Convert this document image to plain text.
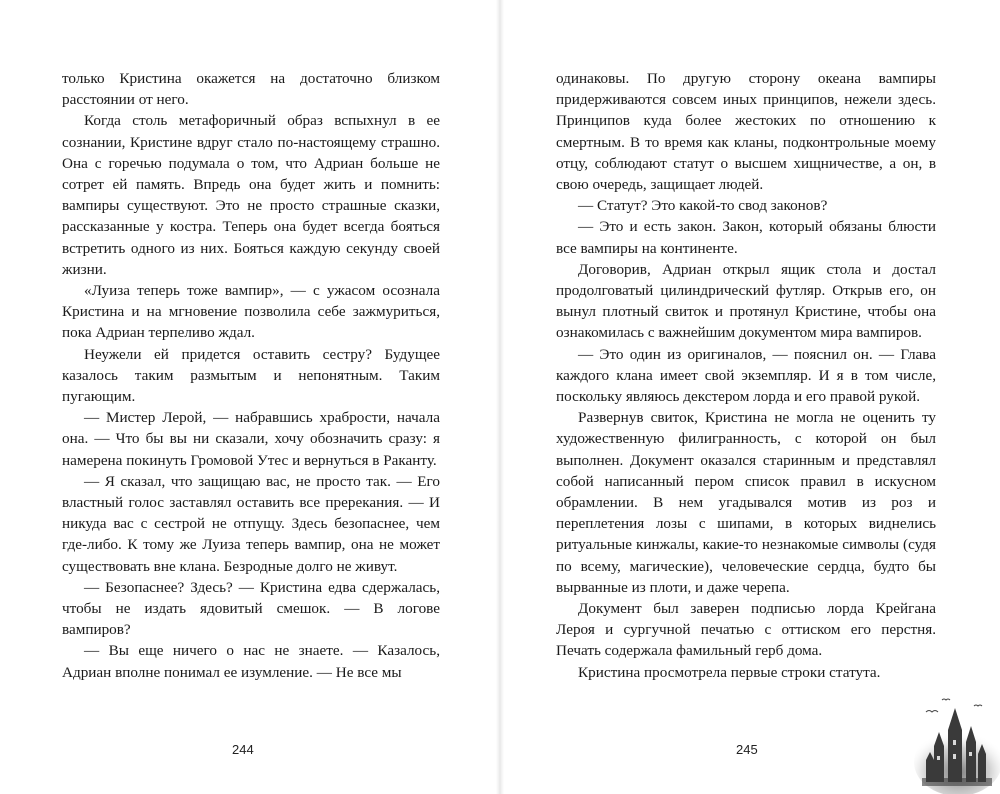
только Кристина окажется на достаточно близком расстоянии от него.

Когда столь метафоричный образ вспыхнул в ее сознании, Кристине вдруг стало по-настоящему страшно. Она с горечью подумала о том, что Адриан больше не сотрет ей память. Впредь она будет жить и помнить: вампиры существуют. Это не просто страшные сказки, рассказанные у костра. Теперь она будет всегда бояться встретить одного из них. Бояться каждую секунду своей жизни.

«Луиза теперь тоже вампир», — с ужасом осознала Кристина и на мгновение позволила себе зажмуриться, пока Адриан терпеливо ждал.

Неужели ей придется оставить сестру? Будущее казалось таким размытым и непонятным. Таким пугающим.

— Мистер Лерой, — набравшись храбрости, начала она. — Что бы вы ни сказали, хочу обозначить сразу: я намерена покинуть Громовой Утес и вернуться в Раканту.

— Я сказал, что защищаю вас, не просто так. — Его властный голос заставлял оставить все пререкания. — И никуда вас с сестрой не отпущу. Здесь безопаснее, чем где-либо. К тому же Луиза теперь вампир, она не может существовать вне клана. Безродные долго не живут.

— Безопаснее? Здесь? — Кристина едва сдержалась, чтобы не издать ядовитый смешок. — В логове вампиров?

— Вы еще ничего о нас не знаете. — Казалось, Адриан вполне понимал ее изумление. — Не все мы

244

одинаковы. По другую сторону океана вампиры придерживаются совсем иных принципов, нежели здесь. Принципов куда более жестоких по отношению к смертным. В то время как кланы, подконтрольные моему отцу, соблюдают статут о высшем хищничестве, а он, в свою очередь, защищает людей.

— Статут? Это какой-то свод законов?

— Это и есть закон. Закон, который обязаны блюсти все вампиры на континенте.

Договорив, Адриан открыл ящик стола и достал продолговатый цилиндрический футляр. Открыв его, он вынул плотный свиток и протянул Кристине, чтобы она ознакомилась с важнейшим документом мира вампиров.

— Это один из оригиналов, — пояснил он. — Глава каждого клана имеет свой экземпляр. И я в том числе, поскольку являюсь декстером лорда и его правой рукой.

Развернув свиток, Кристина не могла не оценить ту художественную филигранность, с которой он был выполнен. Документ оказался старинным и представлял собой написанный пером список правил в искусном обрамлении. В нем угадывался мотив из роз и переплетения лозы с шипами, в которых виднелись ритуальные кинжалы, какие-то незнакомые символы (судя по всему, магические), человеческие сердца, будто бы вырванные из плоти, и даже черепа.

Документ был заверен подписью лорда Крейгана Лероя и сургучной печатью с оттиском его перстня. Печать содержала фамильный герб дома.

Кристина просмотрела первые строки статута.

245
